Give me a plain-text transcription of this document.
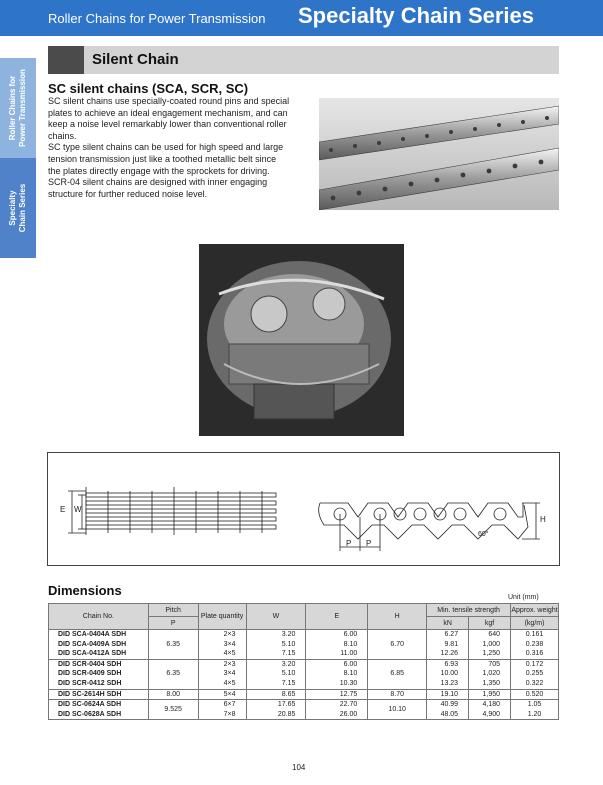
Roller Chains for Power Transmission Specialty Chain Series
Roller Chains for
Power Transmission
Specialty
Chain Series
Silent Chain
SC silent chains (SCA, SCR, SC)

SC silent chains use specially-coated round pins and special plates to achieve an ideal engagement mechanism, and can keep a noise level remarkably lower than conventional roller chains.

SC type silent chains can be used for high speed and large tension transmission just like a toothed metallic belt since the plates directly engage with the sprockets for driving.

SCR-04 silent chains are designed with inner engaging structure for further reduced noise level.

E W
P P
H
60°
Dimensions	Unit (mm)
Chain No.	Pitch	Plate quantity	W	E	H	Min. tensile strength		Approx. weight
	P					kN	kgf	(kg/m)
DID SCA-0404A SDH	6.35	2×3	3.20	6.00	6.70	6.27	640	0.161
DID SCA-0409A SDH		3×4	5.10	8.10		9.81	1,000	0.238
DID SCA-0412A SDH		4×5	7.15	11.00		12.26	1,250	0.316
DID SCR-0404 SDH	6.35	2×3	3.20	6.00	6.85	6.93	705	0.172
DID SCR-0409 SDH		3×4	5.10	8.10		10.00	1,020	0.255
DID SCR-0412 SDH		4×5	7.15	10.30		13.23	1,350	0.322
DID SC-2614H SDH	8.00	5×4	8.65	12.75	8.70	19.10	1,950	0.520
DID SC-0624A SDH	9.525	6×7	17.65	22.70	10.10	40.99	4,180	1.05
DID SC-0628A SDH		7×8	20.85	26.00		48.05	4,900	1.20
104
